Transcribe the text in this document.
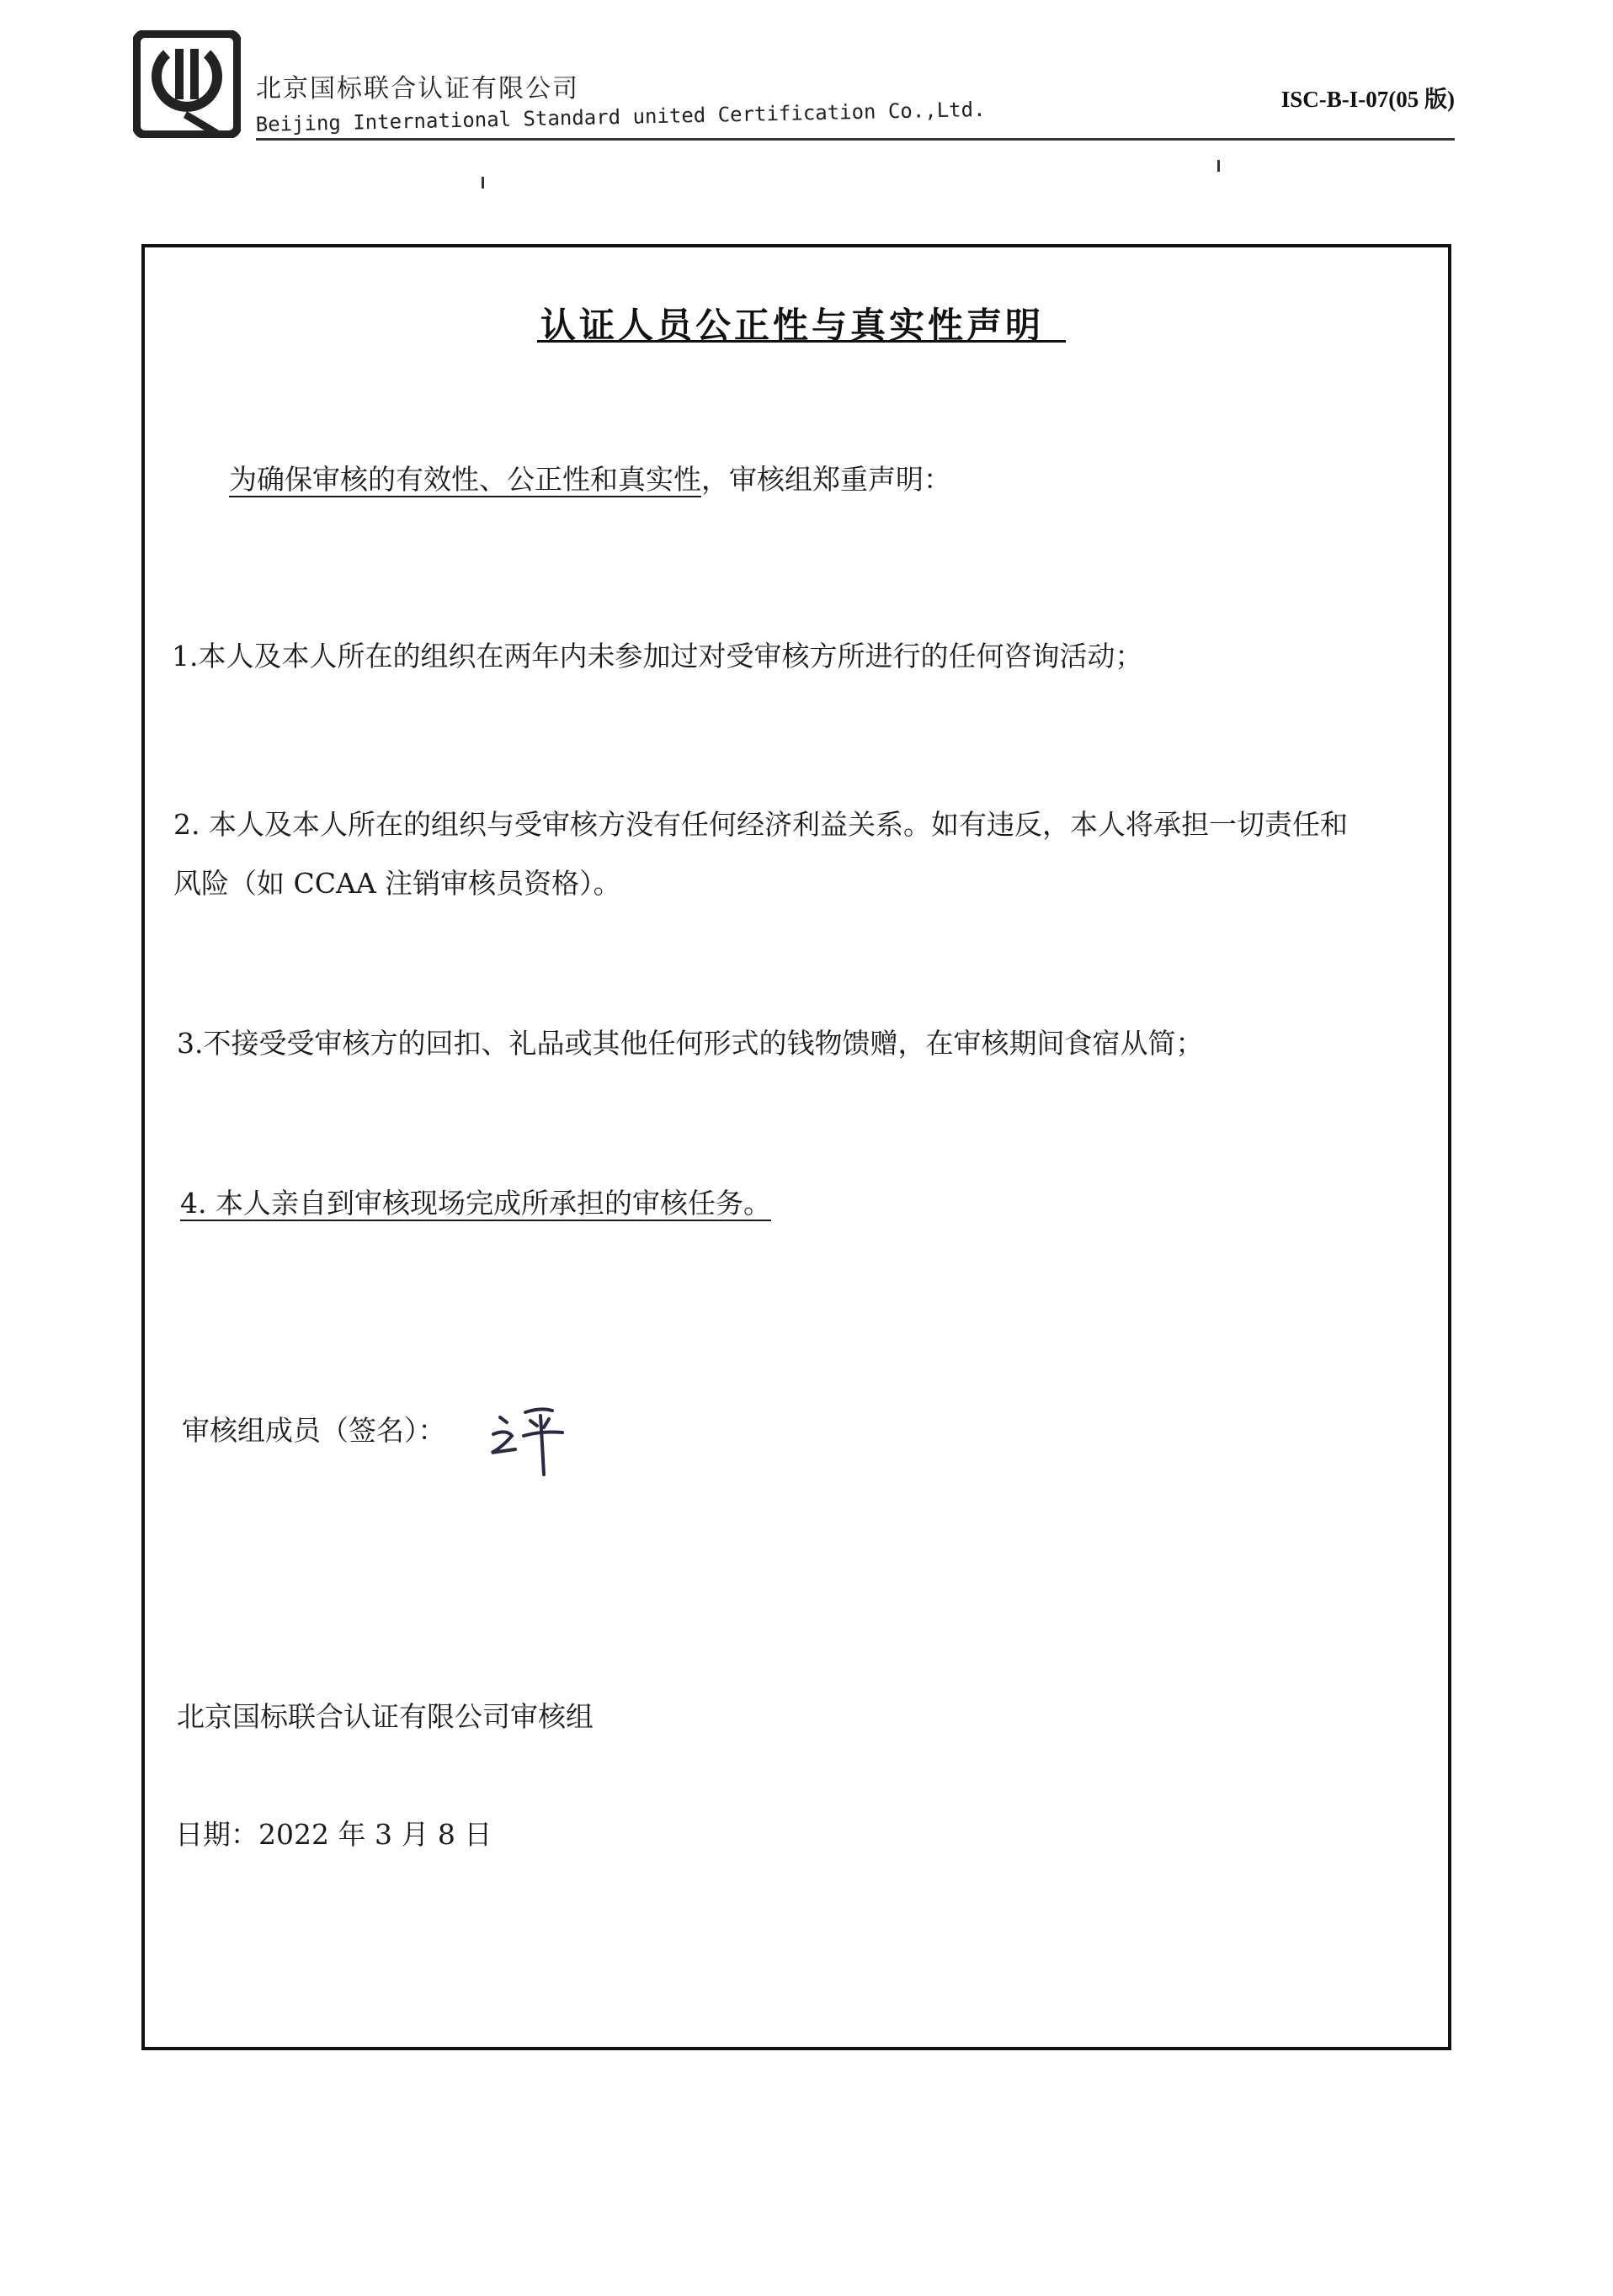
北京国标联合认证有限公司
Beijing International Standard united Certification Co.,Ltd.	ISC-B-I-07(05 版)
认证人员公正性与真实性声明
为确保审核的有效性、公正性和真实性，审核组郑重声明：
1.本人及本人所在的组织在两年内未参加过对受审核方所进行的任何咨询活动；
2. 本人及本人所在的组织与受审核方没有任何经济利益关系。如有违反，本人将承担一切责任和
风险（如 CCAA 注销审核员资格）。
3.不接受受审核方的回扣、礼品或其他任何形式的钱物馈赠，在审核期间食宿从简；
4. 本人亲自到审核现场完成所承担的审核任务。
审核组成员（签名）：
北京国标联合认证有限公司审核组
日期：2022 年 3 月 8 日
